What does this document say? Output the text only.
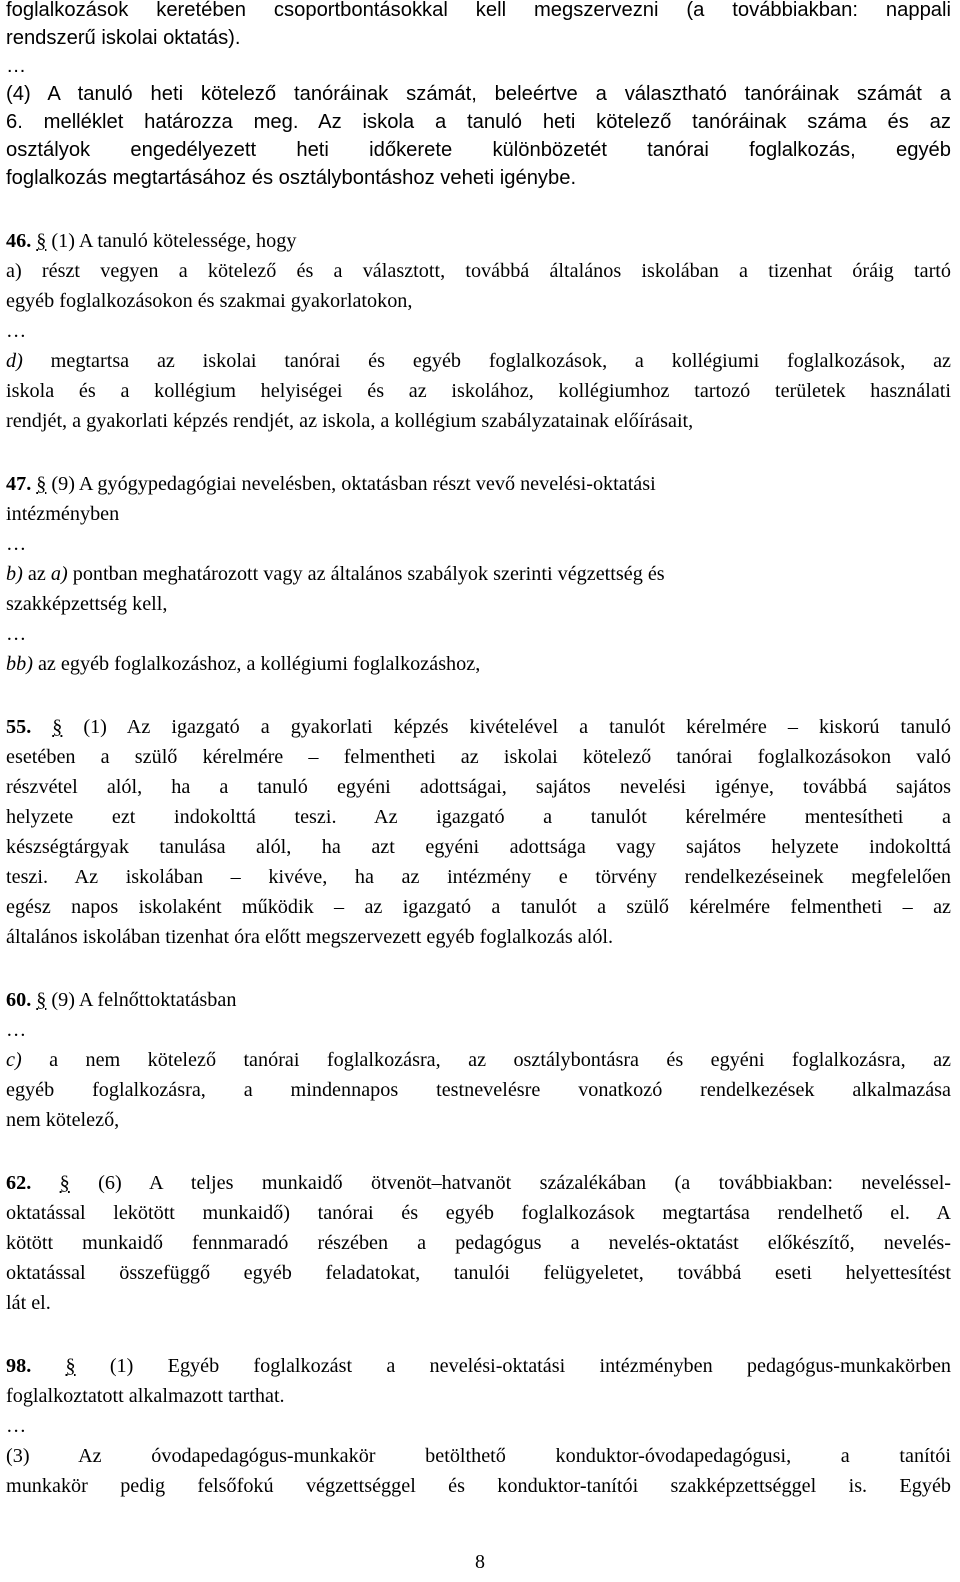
foglalkozások keretében csoportbontásokkal kell megszervezni (a továbbiakban: nappali
rendszerű iskolai oktatás).
…
(4) A tanuló heti kötelező tanóráinak számát, beleértve a választható tanóráinak számát a
6. melléklet határozza meg. Az iskola a tanuló heti kötelező tanóráinak száma és az
osztályok engedélyezett heti időkerete különbözetét tanórai foglalkozás, egyéb
foglalkozás megtartásához és osztálybontáshoz veheti igénybe.
46. § (1) A tanuló kötelessége, hogy
a) részt vegyen a kötelező és a választott, továbbá általános iskolában a tizenhat óráig tartó
egyéb foglalkozásokon és szakmai gyakorlatokon,
…
d) megtartsa az iskolai tanórai és egyéb foglalkozások, a kollégiumi foglalkozások, az
iskola és a kollégium helyiségei és az iskolához, kollégiumhoz tartozó területek használati
rendjét, a gyakorlati képzés rendjét, az iskola, a kollégium szabályzatainak előírásait,
47. § (9) A gyógypedagógiai nevelésben, oktatásban részt vevő nevelési-oktatási
intézményben
…
b) az a) pontban meghatározott vagy az általános szabályok szerinti végzettség és
szakképzettség kell,
…
bb) az egyéb foglalkozáshoz, a kollégiumi foglalkozáshoz,
55. § (1) Az igazgató a gyakorlati képzés kivételével a tanulót kérelmére – kiskorú tanuló
esetében a szülő kérelmére – felmentheti az iskolai kötelező tanórai foglalkozásokon való
részvétel alól, ha a tanuló egyéni adottságai, sajátos nevelési igénye, továbbá sajátos
helyzete ezt indokolttá teszi. Az igazgató a tanulót kérelmére mentesítheti a
készségtárgyak tanulása alól, ha azt egyéni adottsága vagy sajátos helyzete indokolttá
teszi. Az iskolában – kivéve, ha az intézmény e törvény rendelkezéseinek megfelelően
egész napos iskolaként működik – az igazgató a tanulót a szülő kérelmére felmentheti – az
általános iskolában tizenhat óra előtt megszervezett egyéb foglalkozás alól.
60. § (9) A felnőttoktatásban
…
c) a nem kötelező tanórai foglalkozásra, az osztálybontásra és egyéni foglalkozásra, az
egyéb foglalkozásra, a mindennapos testnevelésre vonatkozó rendelkezések alkalmazása
nem kötelező,
62. § (6) A teljes munkaidő ötvenöt–hatvanöt százalékában (a továbbiakban: neveléssel-
oktatással lekötött munkaidő) tanórai és egyéb foglalkozások megtartása rendelhető el. A
kötött munkaidő fennmaradó részében a pedagógus a nevelés-oktatást előkészítő, nevelés-
oktatással összefüggő egyéb feladatokat, tanulói felügyeletet, továbbá eseti helyettesítést
lát el.
98. § (1) Egyéb foglalkozást a nevelési-oktatási intézményben pedagógus-munkakörben
foglalkoztatott alkalmazott tarthat.
…
(3) Az óvodapedagógus-munkakör betölthető konduktor-óvodapedagógusi, a tanítói
munkakör pedig felsőfokú végzettséggel és konduktor-tanítói szakképzettséggel is. Egyéb
8
